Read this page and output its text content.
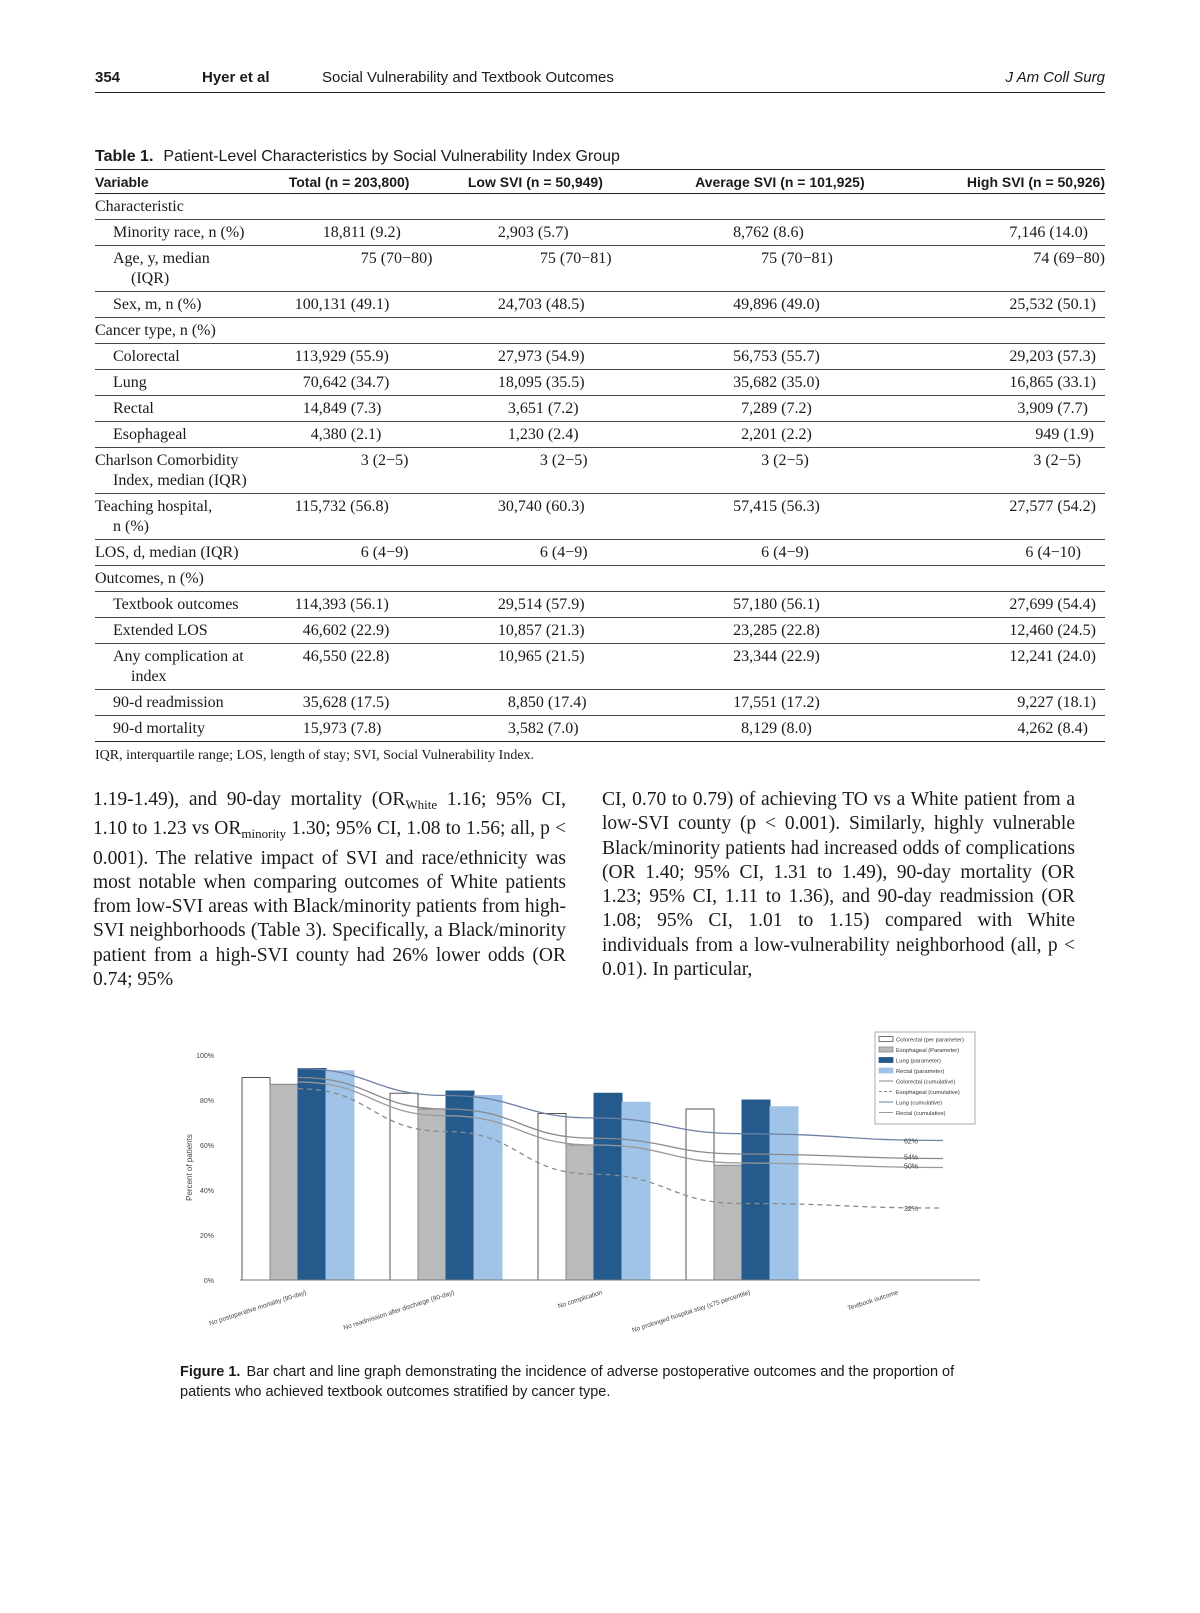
354	Hyer et al	Social Vulnerability and Textbook Outcomes	J Am Coll Surg
Table 1. Patient-Level Characteristics by Social Vulnerability Index Group
Variable	Total (n = 203,800)	Low SVI (n = 50,949)	Average SVI (n = 101,925)	High SVI (n = 50,926)
Characteristic				
Minority race, n (%)	18,811 (9.2)	2,903 (5.7)	8,762 (8.6)	7,146 (14.0)
Age, y, median
(IQR)	75 (70−80)	75 (70−81)	75 (70−81)	74 (69−80)
Sex, m, n (%)	100,131 (49.1)	24,703 (48.5)	49,896 (49.0)	25,532 (50.1)
Cancer type, n (%)				
Colorectal	113,929 (55.9)	27,973 (54.9)	56,753 (55.7)	29,203 (57.3)
Lung	70,642 (34.7)	18,095 (35.5)	35,682 (35.0)	16,865 (33.1)
Rectal	14,849 (7.3)	3,651 (7.2)	7,289 (7.2)	3,909 (7.7)
Esophageal	4,380 (2.1)	1,230 (2.4)	2,201 (2.2)	949 (1.9)
Charlson Comorbidity
Index, median (IQR)	3 (2−5)	3 (2−5)	3 (2−5)	3 (2−5)
Teaching hospital,
n (%)	115,732 (56.8)	30,740 (60.3)	57,415 (56.3)	27,577 (54.2)
LOS, d, median (IQR)	6 (4−9)	6 (4−9)	6 (4−9)	6 (4−10)
Outcomes, n (%)				
Textbook outcomes	114,393 (56.1)	29,514 (57.9)	57,180 (56.1)	27,699 (54.4)
Extended LOS	46,602 (22.9)	10,857 (21.3)	23,285 (22.8)	12,460 (24.5)
Any complication at
index	46,550 (22.8)	10,965 (21.5)	23,344 (22.9)	12,241 (24.0)
90-d readmission	35,628 (17.5)	8,850 (17.4)	17,551 (17.2)	9,227 (18.1)
90-d mortality	15,973 (7.8)	3,582 (7.0)	8,129 (8.0)	4,262 (8.4)
IQR, interquartile range; LOS, length of stay; SVI, Social Vulnerability Index.
1.19-1.49), and 90-day mortality ($OR_{White}$ 1.16; 95% CI, 1.10 to 1.23 vs $OR_{minority}$ 1.30; 95% CI, 1.08 to 1.56; all, p < 0.001). The relative impact of SVI and race/ethnicity was most notable when comparing outcomes of White patients from low-SVI areas with Black/minority patients from high-SVI neighborhoods (Table 3). Specifically, a Black/minority patient from a high-SVI county had 26% lower odds (OR 0.74; 95%
CI, 0.70 to 0.79) of achieving TO vs a White patient from a low-SVI county (p < 0.001). Similarly, highly vulnerable Black/minority patients had increased odds of complications (OR 1.40; 95% CI, 1.31 to 1.49), 90-day mortality (OR 1.23; 95% CI, 1.11 to 1.36), and 90-day readmission (OR 1.08; 95% CI, 1.01 to 1.15) compared with White individuals from a low-vulnerability neighborhood (all, p < 0.01). In particular,
0%
20%
40%
60%
80%
100%
Percent of patients	62%
54%
50%
32%
No postoperative mortality (90-day)	No readmission after discharge (90-day)	No complication	No prolonged hospital stay (≤75 percentile)	Textbook outcome
Colorectal (per parameter)
Esophageal (Parameter)
Lung (parameter)
Rectal (parameter)
Colorectal (cumulative)
Esophageal (cumulative)
Lung (cumulative)
Rectal (cumulative)
Figure 1. Bar chart and line graph demonstrating the incidence of adverse postoperative outcomes and the proportion of patients who achieved textbook outcomes stratified by cancer type.
